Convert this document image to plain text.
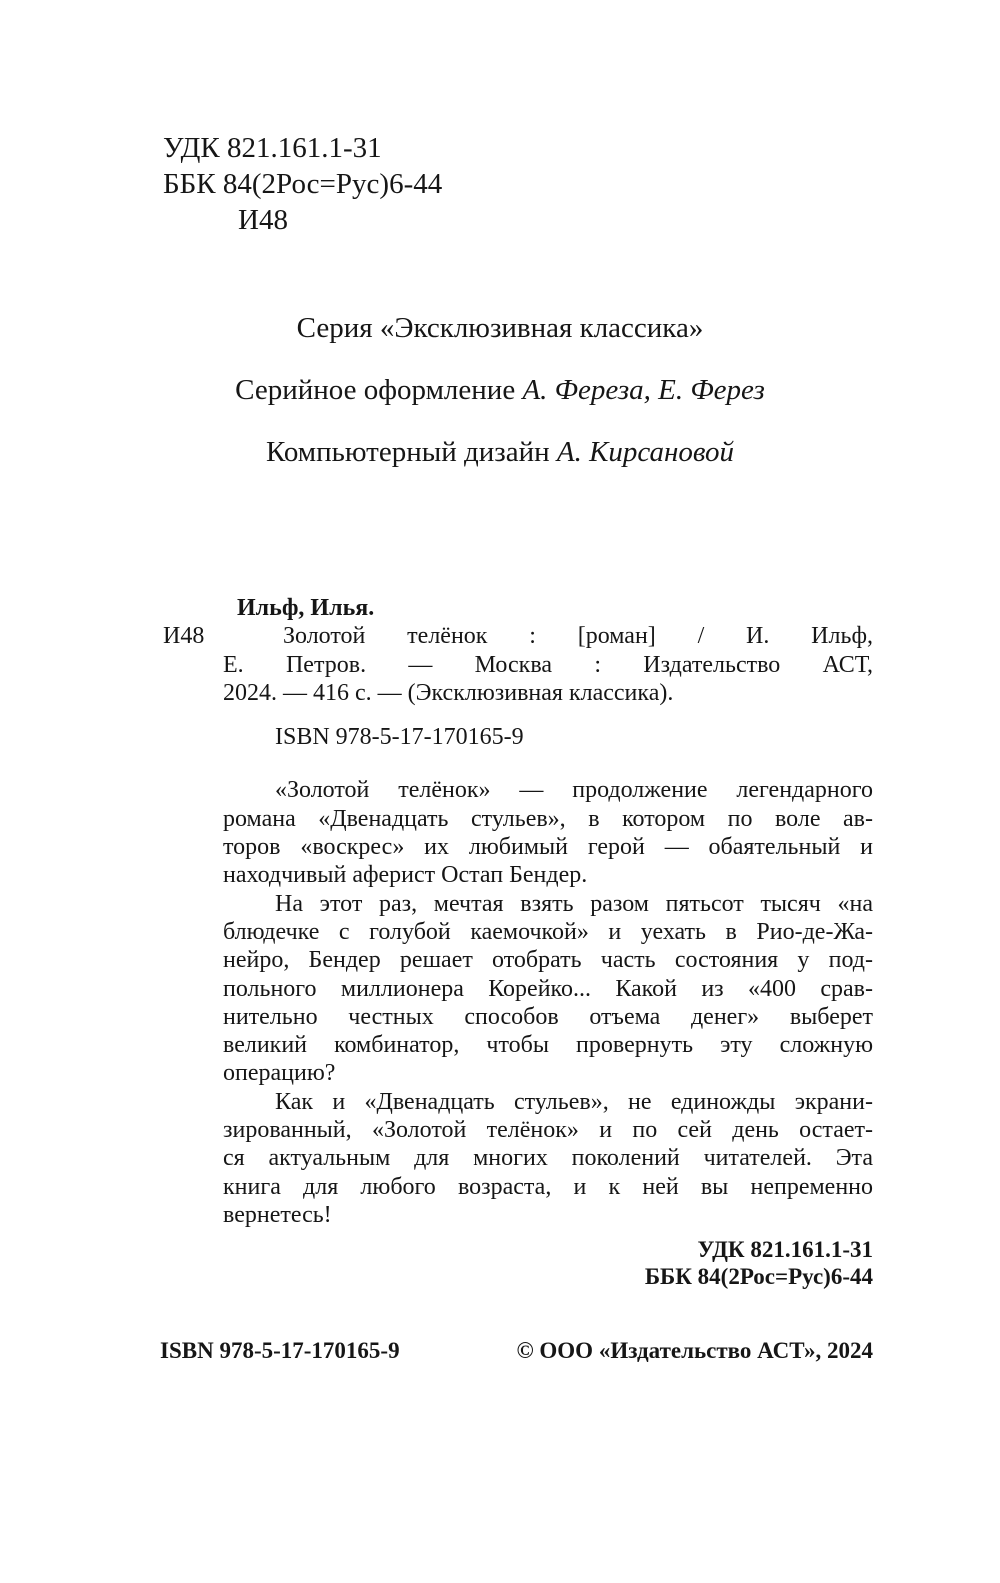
УДК 821.161.1-31
ББК 84(2Рос=Рус)6-44
И48
Серия «Эксклюзивная классика»
Серийное оформление А. Фереза, Е. Ферез
Компьютерный дизайн А. Кирсановой
И48
Ильф, Илья.
Золотой телёнок : [роман] / И. Ильф,
Е. Петров. — Москва : Издательство АСТ,
2024. — 416 с. — (Эксклюзивная классика).
ISBN 978-5-17-170165-9
«Золотой телёнок» — продолжение легендарного
романа «Двенадцать стульев», в котором по воле ав-
торов «воскрес» их любимый герой — обаятельный и
находчивый аферист Остап Бендер.
На этот раз, мечтая взять разом пятьсот тысяч «на
блюдечке с голубой каемочкой» и уехать в Рио-де-Жа-
нейро, Бендер решает отобрать часть состояния у под-
польного миллионера Корейко... Какой из «400 срав-
нительно честных способов отъема денег» выберет
великий комбинатор, чтобы провернуть эту сложную
операцию?
Как и «Двенадцать стульев», не единожды экрани-
зированный, «Золотой телёнок» и по сей день остает-
ся актуальным для многих поколений читателей. Эта
книга для любого возраста, и к ней вы непременно
вернетесь!
УДК 821.161.1-31
ББК 84(2Рос=Рус)6-44
ISBN 978-5-17-170165-9	© ООО «Издательство АСТ», 2024
